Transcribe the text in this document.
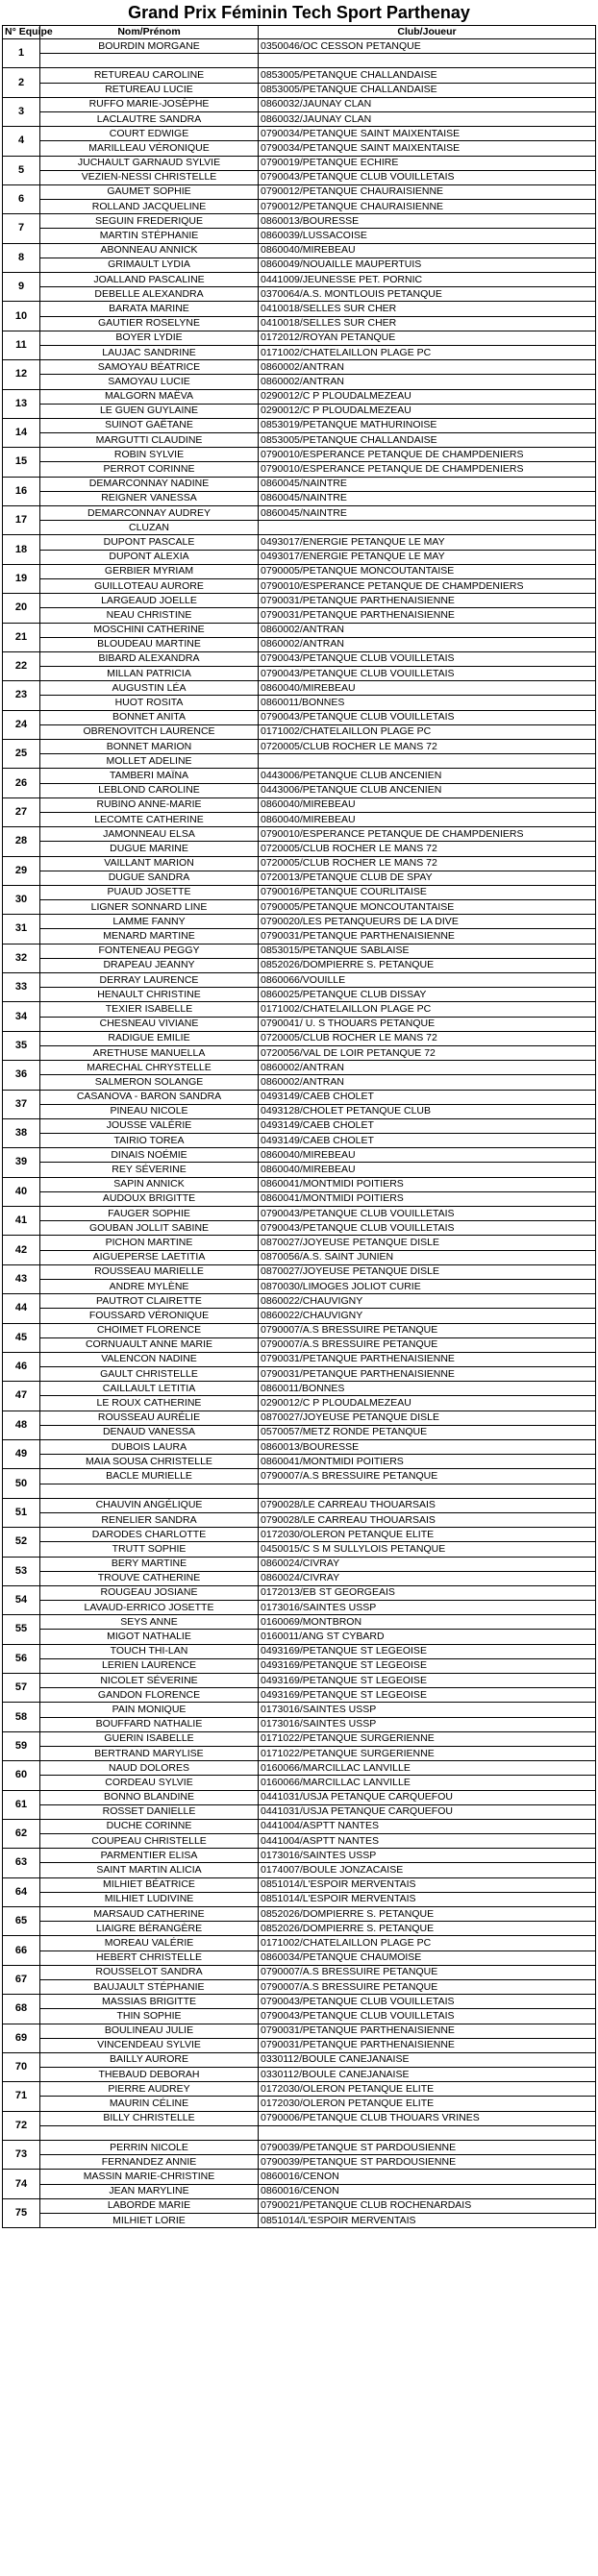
Grand Prix Féminin Tech Sport Parthenay
N° Equipe	Nom/Prénom	Club/Joueur
1	BOURDIN MORGANE	0350046/OC CESSON PETANQUE

2	RETUREAU CAROLINE	0853005/PETANQUE CHALLANDAISE
	RETUREAU LUCIE	0853005/PETANQUE CHALLANDAISE
3	RUFFO MARIE-JOSÈPHE	0860032/JAUNAY CLAN
	LACLAUTRE SANDRA	0860032/JAUNAY CLAN
4	COURT EDWIGE	0790034/PETANQUE SAINT MAIXENTAISE
	MARILLEAU VÉRONIQUE	0790034/PETANQUE SAINT MAIXENTAISE
5	JUCHAULT GARNAUD SYLVIE	0790019/PETANQUE ECHIRE
	VEZIEN-NESSI CHRISTELLE	0790043/PETANQUE CLUB VOUILLETAIS
6	GAUMET SOPHIE	0790012/PETANQUE CHAURAISIENNE
	ROLLAND JACQUELINE	0790012/PETANQUE CHAURAISIENNE
7	SEGUIN FREDERIQUE	0860013/BOURESSE
	MARTIN STÉPHANIE	0860039/LUSSACOISE
8	ABONNEAU ANNICK	0860040/MIREBEAU
	GRIMAULT LYDIA	0860049/NOUAILLE MAUPERTUIS
9	JOALLAND PASCALINE	0441009/JEUNESSE PET. PORNIC
	DEBELLE ALEXANDRA	0370064/A.S. MONTLOUIS PETANQUE
10	BARATA MARINE	0410018/SELLES SUR CHER
	GAUTIER ROSELYNE	0410018/SELLES SUR CHER
11	BOYER LYDIE	0172012/ROYAN PETANQUE
	LAUJAC SANDRINE	0171002/CHATELAILLON PLAGE PC
12	SAMOYAU BÉATRICE	0860002/ANTRAN
	SAMOYAU LUCIE	0860002/ANTRAN
13	MALGORN MAËVA	0290012/C P PLOUDALMEZEAU
	LE GUEN GUYLAINE	0290012/C P PLOUDALMEZEAU
14	SUINOT GAËTANE	0853019/PETANQUE MATHURINOISE
	MARGUTTI CLAUDINE	0853005/PETANQUE CHALLANDAISE
15	ROBIN SYLVIE	0790010/ESPERANCE PETANQUE DE CHAMPDENIERS
	PERROT CORINNE	0790010/ESPERANCE PETANQUE DE CHAMPDENIERS
16	DEMARCONNAY NADINE	0860045/NAINTRE
	REIGNER VANESSA	0860045/NAINTRE
17	DEMARCONNAY AUDREY	0860045/NAINTRE
	CLUZAN	
18	DUPONT PASCALE	0493017/ENERGIE PETANQUE LE MAY
	DUPONT ALEXIA	0493017/ENERGIE PETANQUE LE MAY
19	GERBIER MYRIAM	0790005/PETANQUE MONCOUTANTAISE
	GUILLOTEAU AURORE	0790010/ESPERANCE PETANQUE DE CHAMPDENIERS
20	LARGEAUD JOELLE	0790031/PETANQUE PARTHENAISIENNE
	NEAU CHRISTINE	0790031/PETANQUE PARTHENAISIENNE
21	MOSCHINI CATHERINE	0860002/ANTRAN
	BLOUDEAU MARTINE	0860002/ANTRAN
22	BIBARD ALEXANDRA	0790043/PETANQUE CLUB VOUILLETAIS
	MILLAN PATRICIA	0790043/PETANQUE CLUB VOUILLETAIS
23	AUGUSTIN LÉA	0860040/MIREBEAU
	HUOT ROSITA	0860011/BONNES
24	BONNET ANITA	0790043/PETANQUE CLUB VOUILLETAIS
	OBRENOVITCH LAURENCE	0171002/CHATELAILLON PLAGE PC
25	BONNET MARION	0720005/CLUB ROCHER LE MANS 72
	MOLLET ADELINE	
26	TAMBERI MAÏNA	0443006/PETANQUE CLUB ANCENIEN
	LEBLOND CAROLINE	0443006/PETANQUE CLUB ANCENIEN
27	RUBINO ANNE-MARIE	0860040/MIREBEAU
	LECOMTE CATHERINE	0860040/MIREBEAU
28	JAMONNEAU ELSA	0790010/ESPERANCE PETANQUE DE CHAMPDENIERS
	DUGUE MARINE	0720005/CLUB ROCHER LE MANS 72
29	VAILLANT MARION	0720005/CLUB ROCHER LE MANS 72
	DUGUE SANDRA	0720013/PETANQUE CLUB DE SPAY
30	PUAUD JOSETTE	0790016/PETANQUE COURLITAISE
	LIGNER SONNARD LINE	0790005/PETANQUE MONCOUTANTAISE
31	LAMME FANNY	0790020/LES PETANQUEURS DE LA DIVE
	MENARD MARTINE	0790031/PETANQUE PARTHENAISIENNE
32	FONTENEAU PEGGY	0853015/PETANQUE SABLAISE
	DRAPEAU JEANNY	0852026/DOMPIERRE S. PETANQUE
33	DERRAY LAURENCE	0860066/VOUILLE
	HENAULT CHRISTINE	0860025/PETANQUE CLUB DISSAY
34	TEXIER ISABELLE	0171002/CHATELAILLON PLAGE PC
	CHESNEAU VIVIANE	0790041/ U. S THOUARS PETANQUE
35	RADIGUE EMILIE	0720005/CLUB ROCHER LE MANS 72
	ARETHUSE MANUELLA	0720056/VAL DE LOIR PETANQUE 72
36	MARECHAL CHRYSTELLE	0860002/ANTRAN
	SALMERON SOLANGE	0860002/ANTRAN
37	CASANOVA - BARON SANDRA	0493149/CAEB CHOLET
	PINEAU NICOLE	0493128/CHOLET PETANQUE CLUB
38	JOUSSE VALÉRIE	0493149/CAEB CHOLET
	TAIRIO TOREA	0493149/CAEB CHOLET
39	DINAIS NOÉMIE	0860040/MIREBEAU
	REY SÉVERINE	0860040/MIREBEAU
40	SAPIN ANNICK	0860041/MONTMIDI POITIERS
	AUDOUX BRIGITTE	0860041/MONTMIDI POITIERS
41	FAUGER SOPHIE	0790043/PETANQUE CLUB VOUILLETAIS
	GOUBAN JOLLIT SABINE	0790043/PETANQUE CLUB VOUILLETAIS
42	PICHON MARTINE	0870027/JOYEUSE PETANQUE DISLE
	AIGUEPERSE LAETITIA	0870056/A.S. SAINT JUNIEN
43	ROUSSEAU MARIELLE	0870027/JOYEUSE PETANQUE DISLE
	ANDRE MYLÈNE	0870030/LIMOGES JOLIOT CURIE
44	PAUTROT CLAIRETTE	0860022/CHAUVIGNY
	FOUSSARD VÉRONIQUE	0860022/CHAUVIGNY
45	CHOIMET FLORENCE	0790007/A.S BRESSUIRE PETANQUE
	CORNUAULT ANNE MARIE	0790007/A.S BRESSUIRE PETANQUE
46	VALENCON NADINE	0790031/PETANQUE PARTHENAISIENNE
	GAULT CHRISTELLE	0790031/PETANQUE PARTHENAISIENNE
47	CAILLAULT LETITIA	0860011/BONNES
	LE ROUX CATHERINE	0290012/C P PLOUDALMEZEAU
48	ROUSSEAU AURÉLIE	0870027/JOYEUSE PETANQUE DISLE
	DENAUD VANESSA	0570057/METZ RONDE PETANQUE
49	DUBOIS LAURA	0860013/BOURESSE
	MAIA SOUSA CHRISTELLE	0860041/MONTMIDI POITIERS
50	BACLE MURIELLE	0790007/A.S BRESSUIRE PETANQUE

51	CHAUVIN ANGÉLIQUE	0790028/LE CARREAU THOUARSAIS
	RENELIER SANDRA	0790028/LE CARREAU THOUARSAIS
52	DARODES CHARLOTTE	0172030/OLERON PETANQUE ELITE
	TRUTT SOPHIE	0450015/C S M SULLYLOIS PETANQUE
53	BERY MARTINE	0860024/CIVRAY
	TROUVE CATHERINE	0860024/CIVRAY
54	ROUGEAU JOSIANE	0172013/EB ST GEORGEAIS
	LAVAUD-ERRICO JOSETTE	0173016/SAINTES USSP
55	SEYS ANNE	0160069/MONTBRON
	MIGOT NATHALIE	0160011/ANG ST CYBARD
56	TOUCH THI-LAN	0493169/PETANQUE ST LEGEOISE
	LERIEN LAURENCE	0493169/PETANQUE ST LEGEOISE
57	NICOLET SÉVERINE	0493169/PETANQUE ST LEGEOISE
	GANDON FLORENCE	0493169/PETANQUE ST LEGEOISE
58	PAIN MONIQUE	0173016/SAINTES USSP
	BOUFFARD NATHALIE	0173016/SAINTES USSP
59	GUERIN ISABELLE	0171022/PETANQUE SURGERIENNE
	BERTRAND MARYLISE	0171022/PETANQUE SURGERIENNE
60	NAUD DOLORES	0160066/MARCILLAC LANVILLE
	CORDEAU SYLVIE	0160066/MARCILLAC LANVILLE
61	BONNO BLANDINE	0441031/USJA PETANQUE CARQUEFOU
	ROSSET DANIELLE	0441031/USJA PETANQUE CARQUEFOU
62	DUCHE CORINNE	0441004/ASPTT NANTES
	COUPEAU CHRISTELLE	0441004/ASPTT NANTES
63	PARMENTIER ELISA	0173016/SAINTES USSP
	SAINT MARTIN ALICIA	0174007/BOULE JONZACAISE
64	MILHIET BÉATRICE	0851014/L'ESPOIR MERVENTAIS
	MILHIET LUDIVINE	0851014/L'ESPOIR MERVENTAIS
65	MARSAUD CATHERINE	0852026/DOMPIERRE S. PETANQUE
	LIAIGRE BÉRANGÈRE	0852026/DOMPIERRE S. PETANQUE
66	MOREAU VALÉRIE	0171002/CHATELAILLON PLAGE PC
	HEBERT CHRISTELLE	0860034/PETANQUE CHAUMOISE
67	ROUSSELOT SANDRA	0790007/A.S BRESSUIRE PETANQUE
	BAUJAULT STÉPHANIE	0790007/A.S BRESSUIRE PETANQUE
68	MASSIAS BRIGITTE	0790043/PETANQUE CLUB VOUILLETAIS
	THIN SOPHIE	0790043/PETANQUE CLUB VOUILLETAIS
69	BOULINEAU JULIE	0790031/PETANQUE PARTHENAISIENNE
	VINCENDEAU SYLVIE	0790031/PETANQUE PARTHENAISIENNE
70	BAILLY AURORE	0330112/BOULE CANEJANAISE
	THEBAUD DEBORAH	0330112/BOULE CANEJANAISE
71	PIERRE AUDREY	0172030/OLERON PETANQUE ELITE
	MAURIN CÉLINE	0172030/OLERON PETANQUE ELITE
72	BILLY CHRISTELLE	0790006/PETANQUE CLUB THOUARS VRINES

73	PERRIN NICOLE	0790039/PETANQUE ST PARDOUSIENNE
	FERNANDEZ ANNIE	0790039/PETANQUE ST PARDOUSIENNE
74	MASSIN MARIE-CHRISTINE	0860016/CENON
	JEAN MARYLINE	0860016/CENON
75	LABORDE MARIE	0790021/PETANQUE CLUB ROCHENARDAIS
	MILHIET LORIE	0851014/L'ESPOIR MERVENTAIS
